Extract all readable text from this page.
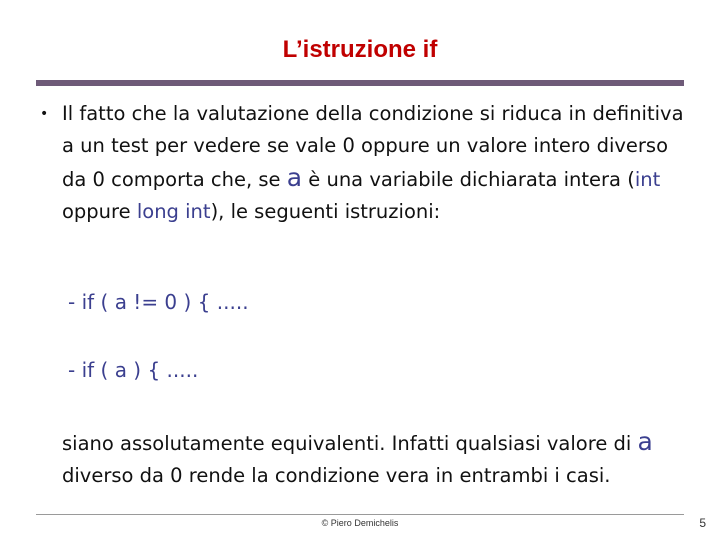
L’istruzione if
• Il fatto che la valutazione della condizione si riduca in definitiva a un test per vedere se vale 0 oppure un valore intero diverso da 0 comporta che, se a è una variabile dichiarata intera (int oppure long int), le seguenti istruzioni:
- if ( a != 0 ) { .....
- if ( a ) { .....
siano assolutamente equivalenti. Infatti qualsiasi valore di a diverso da 0 rende la condizione vera in entrambi i casi.
© Piero Demichelis	5
